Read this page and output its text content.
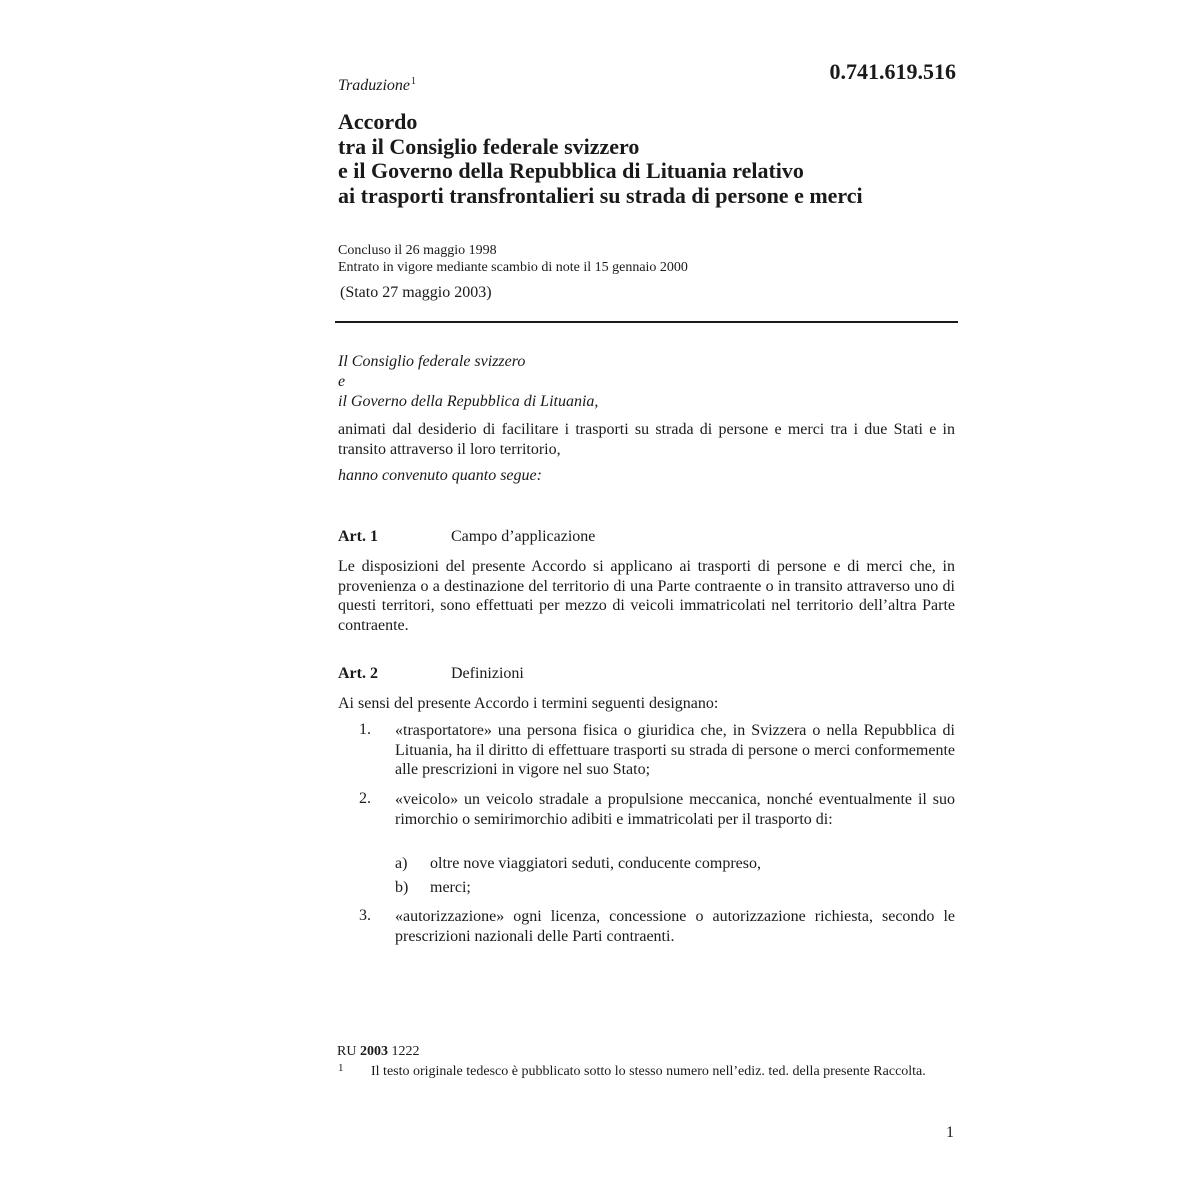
Traduzione$^1$	0.741.619.516
Accordo
tra il Consiglio federale svizzero
e il Governo della Repubblica di Lituania relativo
ai trasporti transfrontalieri su strada di persone e merci
Concluso il 26 maggio 1998
Entrato in vigore mediante scambio di note il 15 gennaio 2000
(Stato 27 maggio 2003)
Il Consiglio federale svizzero
e
il Governo della Repubblica di Lituania,
animati dal desiderio di facilitare i trasporti su strada di persone e merci tra i due Stati e in transito attraverso il loro territorio,
hanno convenuto quanto segue:
Art. 1	Campo d’applicazione
Le disposizioni del presente Accordo si applicano ai trasporti di persone e di merci che, in provenienza o a destinazione del territorio di una Parte contraente o in transito attraverso uno di questi territori, sono effettuati per mezzo di veicoli immatricolati nel territorio dell’altra Parte contraente.
Art. 2	Definizioni
Ai sensi del presente Accordo i termini seguenti designano:
1. «trasportatore» una persona fisica o giuridica che, in Svizzera o nella Repubblica di Lituania, ha il diritto di effettuare trasporti su strada di persone o merci conformemente alle prescrizioni in vigore nel suo Stato;
2. «veicolo» un veicolo stradale a propulsione meccanica, nonché eventualmente il suo rimorchio o semirimorchio adibiti e immatricolati per il trasporto di:
a) oltre nove viaggiatori seduti, conducente compreso,
b) merci;
3. «autorizzazione» ogni licenza, concessione o autorizzazione richiesta, secondo le prescrizioni nazionali delle Parti contraenti.
RU 2003 1222
1 Il testo originale tedesco è pubblicato sotto lo stesso numero nell’ediz. ted. della presente Raccolta.
1
